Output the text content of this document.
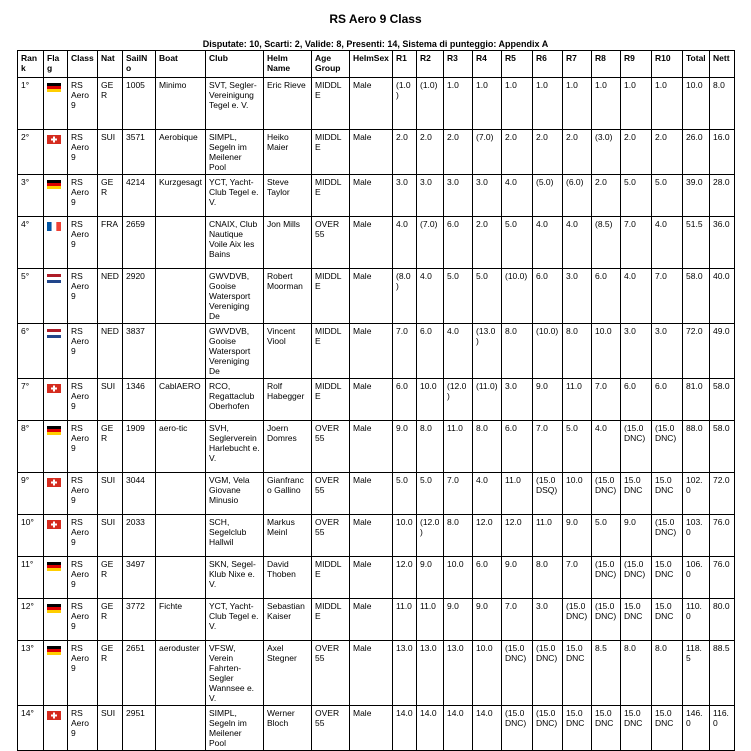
RS Aero 9 Class
Disputate: 10, Scarti: 2, Valide: 8, Presenti: 14, Sistema di punteggio: Appendix A
Rank	Flag	Class	Nat	SailNo	Boat	Club	Helm Name	Age Group	HelmSex	R1	R2	R3	R4	R5	R6	R7	R8	R9	R10	Total	Nett
1°		RS Aero 9	GER	1005	Minimo	SVT, Segler-Vereinigung Tegel e. V.	Eric Rieve	MIDDLE	Male	(1.0)	(1.0)	1.0	1.0	1.0	1.0	1.0	1.0	1.0	1.0	10.0	8.0
2°		RS Aero 9	SUI	3571	Aerobique	SIMPL, Segeln im Meilener Pool	Heiko Maier	MIDDLE	Male	2.0	2.0	2.0	(7.0)	2.0	2.0	2.0	(3.0)	2.0	2.0	26.0	16.0
3°		RS Aero 9	GER	4214	Kurzgesagt	YCT, Yacht-Club Tegel e. V.	Steve Taylor	MIDDLE	Male	3.0	3.0	3.0	3.0	4.0	(5.0)	(6.0)	2.0	5.0	5.0	39.0	28.0
4°		RS Aero 9	FRA	2659		CNAIX, Club Nautique Voile Aix les Bains	Jon Mills	OVER 55	Male	4.0	(7.0)	6.0	2.0	5.0	4.0	4.0	(8.5)	7.0	4.0	51.5	36.0
5°		RS Aero 9	NED	2920		GWVDVB, Gooise Watersport Vereniging De	Robert Moorman	MIDDLE	Male	(8.0)	4.0	5.0	5.0	(10.0)	6.0	3.0	6.0	4.0	7.0	58.0	40.0
6°		RS Aero 9	NED	3837		GWVDVB, Gooise Watersport Vereniging De	Vincent Viool	MIDDLE	Male	7.0	6.0	4.0	(13.0)	8.0	(10.0)	8.0	10.0	3.0	3.0	72.0	49.0
7°		RS Aero 9	SUI	1346	CablAERO	RCO, Regattaclub Oberhofen	Rolf Habegger	MIDDLE	Male	6.0	10.0	(12.0)	(11.0)	3.0	9.0	11.0	7.0	6.0	6.0	81.0	58.0
8°		RS Aero 9	GER	1909	aero-tic	SVH, Seglerverein Harlebucht e. V.	Joern Domres	OVER 55	Male	9.0	8.0	11.0	8.0	6.0	7.0	5.0	4.0	(15.0 DNC)	(15.0 DNC)	88.0	58.0
9°		RS Aero 9	SUI	3044		VGM, Vela Giovane Minusio	Gianfranco Gallino	OVER 55	Male	5.0	5.0	7.0	4.0	11.0	(15.0 DSQ)	10.0	(15.0 DNC)	15.0 DNC	15.0 DNC	102.0	72.0
10°		RS Aero 9	SUI	2033		SCH, Segelclub Hallwil	Markus Meinl	OVER 55	Male	10.0	(12.0)	8.0	12.0	12.0	11.0	9.0	5.0	9.0	(15.0 DNC)	103.0	76.0
11°		RS Aero 9	GER	3497		SKN, Segel-Klub Nixe e. V.	David Thoben	MIDDLE	Male	12.0	9.0	10.0	6.0	9.0	8.0	7.0	(15.0 DNC)	(15.0 DNC)	15.0 DNC	106.0	76.0
12°		RS Aero 9	GER	3772	Fichte	YCT, Yacht-Club Tegel e. V.	Sebastian Kaiser	MIDDLE	Male	11.0	11.0	9.0	9.0	7.0	3.0	(15.0 DNC)	(15.0 DNC)	15.0 DNC	15.0 DNC	110.0	80.0
13°		RS Aero 9	GER	2651	aeroduster	VFSW, Verein Fahrten-Segler Wannsee e. V.	Axel Stegner	OVER 55	Male	13.0	13.0	13.0	10.0	(15.0 DNC)	(15.0 DNC)	15.0 DNC	8.5	8.0	8.0	118.5	88.5
14°		RS Aero 9	SUI	2951		SIMPL, Segeln im Meilener Pool	Werner Bloch	OVER 55	Male	14.0	14.0	14.0	14.0	(15.0 DNC)	(15.0 DNC)	15.0 DNC	15.0 DNC	15.0 DNC	15.0 DNC	146.0	116.0
